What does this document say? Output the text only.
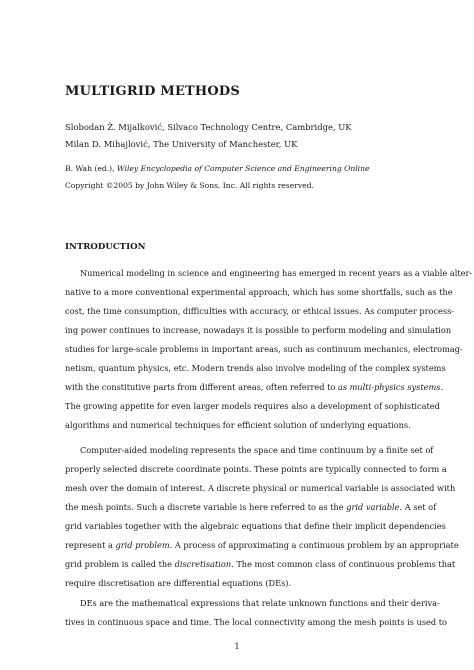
MULTIGRID METHODS
Slobodan Ž. Mijalković, Silvaco Technology Centre, Cambridge, UK
Milan D. Mihajlović, The University of Manchester, UK
B. Wah (ed.), Wiley Encyclopedia of Computer Science and Engineering Online
Copyright ©2005 by John Wiley & Sons, Inc. All rights reserved.
INTRODUCTION
Numerical modeling in science and engineering has emerged in recent years as a viable alter-
native to a more conventional experimental approach, which has some shortfalls, such as the
cost, the time consumption, difficulties with accuracy, or ethical issues. As computer process-
ing power continues to increase, nowadays it is possible to perform modeling and simulation
studies for large-scale problems in important areas, such as continuum mechanics, electromag-
netism, quantum physics, etc. Modern trends also involve modeling of the complex systems
with the constitutive parts from different areas, often referred to as multi-physics systems.
The growing appetite for even larger models requires also a development of sophisticated
algorithms and numerical techniques for efficient solution of underlying equations.
Computer-aided modeling represents the space and time continuum by a finite set of
properly selected discrete coordinate points. These points are typically connected to form a
mesh over the domain of interest. A discrete physical or numerical variable is associated with
the mesh points. Such a discrete variable is here referred to as the grid variable. A set of
grid variables together with the algebraic equations that define their implicit dependencies
represent a grid problem. A process of approximating a continuous problem by an appropriate
grid problem is called the discretisation. The most common class of continuous problems that
require discretisation are differential equations (DEs).
DEs are the mathematical expressions that relate unknown functions and their deriva-
tives in continuous space and time. The local connectivity among the mesh points is used to
1
